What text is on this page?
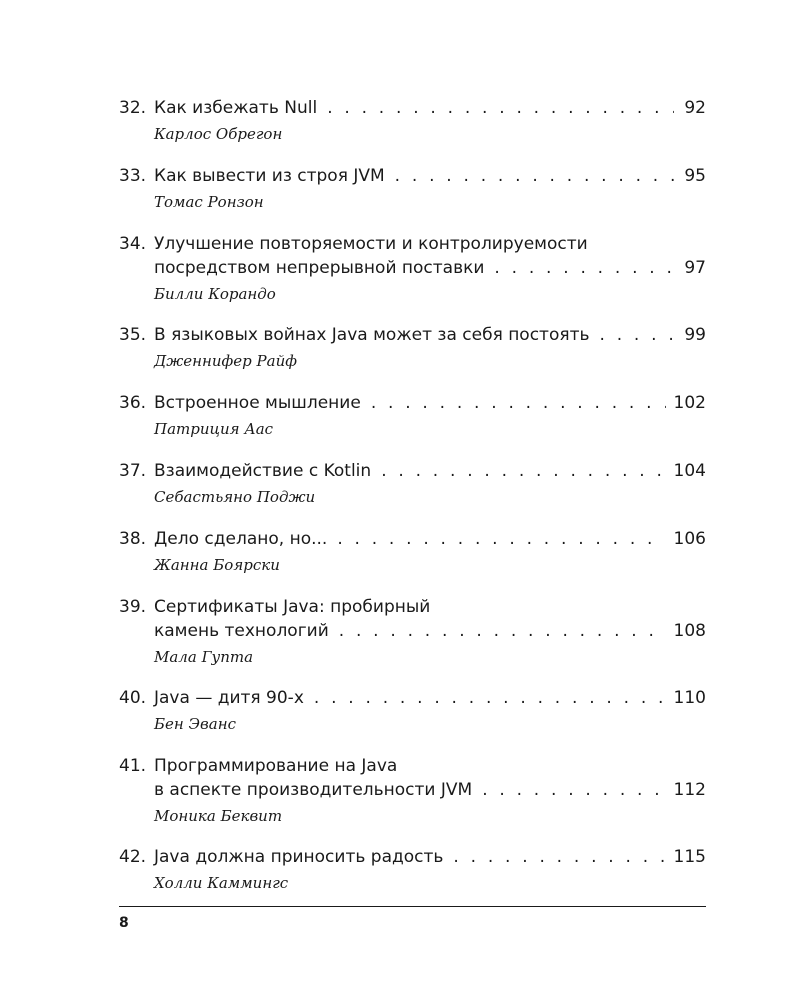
32. Как избежать Null . . .	92
Карлос Обрегон
33. Как вывести из строя JVM . . .	95
Томас Ронзон
34. Улучшение повторяемости и контролируемости
посредством непрерывной поставки . . .	97
Билли Корандо
35. В языковых войнах Java может за себя постоять . . .	99
Дженнифер Райф
36. Встроенное мышление . . .	102
Патриция Аас
37. Взаимодействие с Kotlin . . .	104
Себастьяно Поджи
38. Дело сделано, но... . . .	106
Жанна Боярски
39. Сертификаты Java: пробирный
камень технологий . . .	108
Мала Гупта
40. Java — дитя 90-х . . .	110
Бен Эванс
41. Программирование на Java
в аспекте производительности JVM . . .	112
Моника Беквит
42. Java должна приносить радость . . .	115
Холли Каммингс
8
